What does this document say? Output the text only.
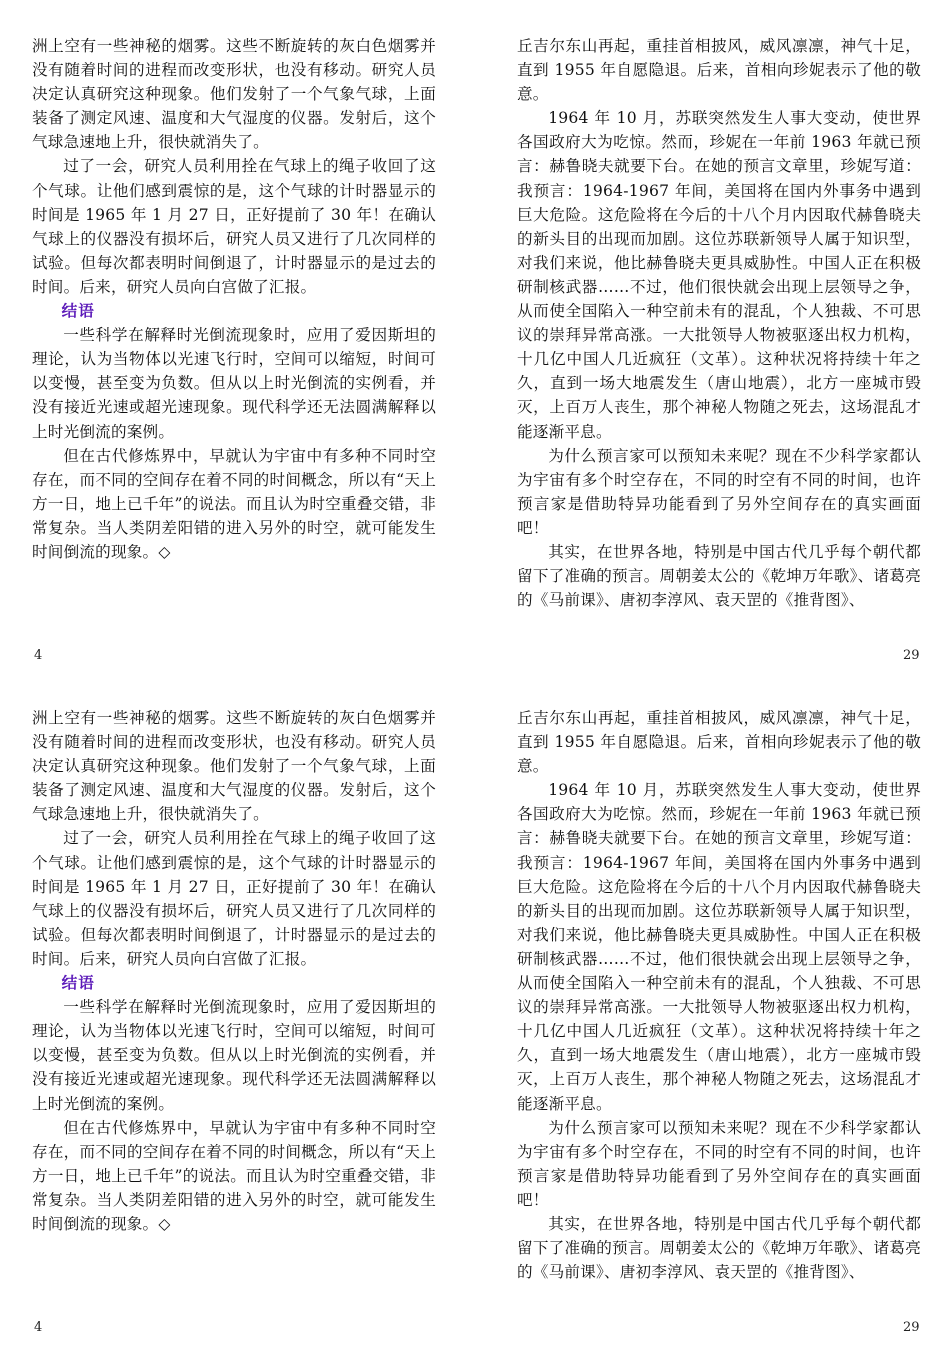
洲上空有一些神秘的烟雾。这些不断旋转的灰白色烟雾并没有随着时间的进程而改变形状，也没有移动。研究人员决定认真研究这种现象。他们发射了一个气象气球，上面装备了测定风速、温度和大气湿度的仪器。发射后，这个气球急速地上升，很快就消失了。

过了一会，研究人员利用拴在气球上的绳子收回了这个气球。让他们感到震惊的是，这个气球的计时器显示的时间是 1965 年 1 月 27 日，正好提前了 30 年！在确认气球上的仪器没有损坏后，研究人员又进行了几次同样的试验。但每次都表明时间倒退了，计时器显示的是过去的时间。后来，研究人员向白宫做了汇报。

结语

一些科学在解释时光倒流现象时，应用了爱因斯坦的理论，认为当物体以光速飞行时，空间可以缩短，时间可以变慢，甚至变为负数。但从以上时光倒流的实例看，并没有接近光速或超光速现象。现代科学还无法圆满解释以上时光倒流的案例。

但在古代修炼界中，早就认为宇宙中有多种不同时空存在，而不同的空间存在着不同的时间概念，所以有“天上方一日，地上已千年”的说法。而且认为时空重叠交错，非常复杂。当人类阴差阳错的进入另外的时空，就可能发生时间倒流的现象。◇

丘吉尔东山再起，重挂首相披风，威风凛凛，神气十足，直到 1955 年自愿隐退。后来，首相向珍妮表示了他的敬意。

1964 年 10 月，苏联突然发生人事大变动，使世界各国政府大为吃惊。然而，珍妮在一年前 1963 年就已预言：赫鲁晓夫就要下台。在她的预言文章里，珍妮写道：我预言：1964-1967 年间，美国将在国内外事务中遇到巨大危险。这危险将在今后的十八个月内因取代赫鲁晓夫的新头目的出现而加剧。这位苏联新领导人属于知识型，对我们来说，他比赫鲁晓夫更具威胁性。中国人正在积极研制核武器……不过，他们很快就会出现上层领导之争，从而使全国陷入一种空前未有的混乱，个人独裁、不可思议的崇拜异常高涨。一大批领导人物被驱逐出权力机构，十几亿中国人几近疯狂（文革）。这种状况将持续十年之久，直到一场大地震发生（唐山地震），北方一座城市毁灭，上百万人丧生，那个神秘人物随之死去，这场混乱才能逐渐平息。

为什么预言家可以预知未来呢？现在不少科学家都认为宇宙有多个时空存在，不同的时空有不同的时间，也许预言家是借助特异功能看到了另外空间存在的真实画面吧！

其实，在世界各地，特别是中国古代几乎每个朝代都留下了准确的预言。周朝姜太公的《乾坤万年歌》、诸葛亮的《马前课》、唐初李淳风、袁天罡的《推背图》、

4	29

洲上空有一些神秘的烟雾。这些不断旋转的灰白色烟雾并没有随着时间的进程而改变形状，也没有移动。研究人员决定认真研究这种现象。他们发射了一个气象气球，上面装备了测定风速、温度和大气湿度的仪器。发射后，这个气球急速地上升，很快就消失了。

过了一会，研究人员利用拴在气球上的绳子收回了这个气球。让他们感到震惊的是，这个气球的计时器显示的时间是 1965 年 1 月 27 日，正好提前了 30 年！在确认气球上的仪器没有损坏后，研究人员又进行了几次同样的试验。但每次都表明时间倒退了，计时器显示的是过去的时间。后来，研究人员向白宫做了汇报。

结语

一些科学在解释时光倒流现象时，应用了爱因斯坦的理论，认为当物体以光速飞行时，空间可以缩短，时间可以变慢，甚至变为负数。但从以上时光倒流的实例看，并没有接近光速或超光速现象。现代科学还无法圆满解释以上时光倒流的案例。

但在古代修炼界中，早就认为宇宙中有多种不同时空存在，而不同的空间存在着不同的时间概念，所以有“天上方一日，地上已千年”的说法。而且认为时空重叠交错，非常复杂。当人类阴差阳错的进入另外的时空，就可能发生时间倒流的现象。◇

丘吉尔东山再起，重挂首相披风，威风凛凛，神气十足，直到 1955 年自愿隐退。后来，首相向珍妮表示了他的敬意。

1964 年 10 月，苏联突然发生人事大变动，使世界各国政府大为吃惊。然而，珍妮在一年前 1963 年就已预言：赫鲁晓夫就要下台。在她的预言文章里，珍妮写道：我预言：1964-1967 年间，美国将在国内外事务中遇到巨大危险。这危险将在今后的十八个月内因取代赫鲁晓夫的新头目的出现而加剧。这位苏联新领导人属于知识型，对我们来说，他比赫鲁晓夫更具威胁性。中国人正在积极研制核武器……不过，他们很快就会出现上层领导之争，从而使全国陷入一种空前未有的混乱，个人独裁、不可思议的崇拜异常高涨。一大批领导人物被驱逐出权力机构，十几亿中国人几近疯狂（文革）。这种状况将持续十年之久，直到一场大地震发生（唐山地震），北方一座城市毁灭，上百万人丧生，那个神秘人物随之死去，这场混乱才能逐渐平息。

为什么预言家可以预知未来呢？现在不少科学家都认为宇宙有多个时空存在，不同的时空有不同的时间，也许预言家是借助特异功能看到了另外空间存在的真实画面吧！

其实，在世界各地，特别是中国古代几乎每个朝代都留下了准确的预言。周朝姜太公的《乾坤万年歌》、诸葛亮的《马前课》、唐初李淳风、袁天罡的《推背图》、

4	29
